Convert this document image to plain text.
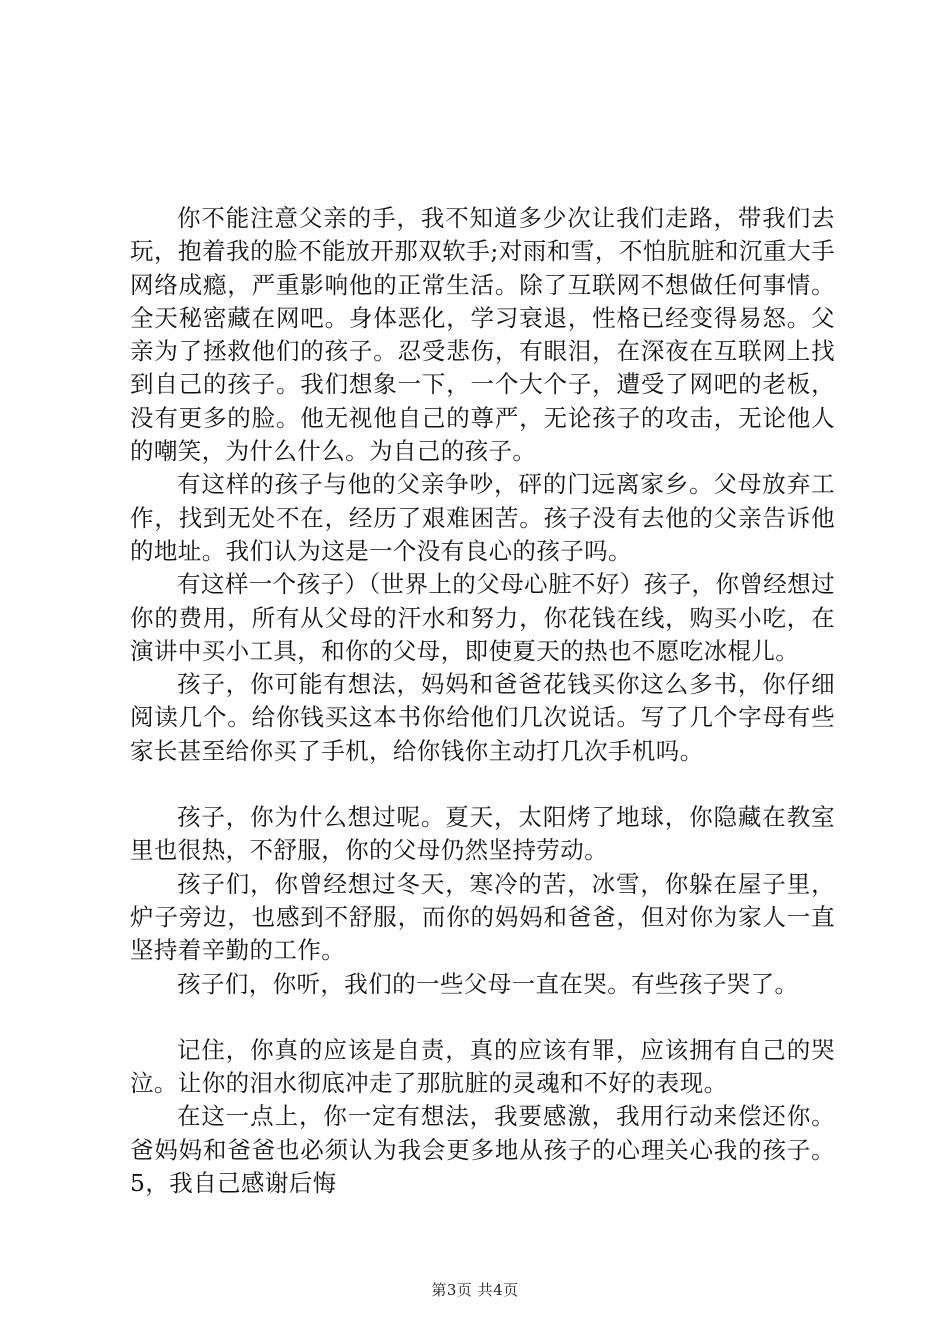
你不能注意父亲的手，我不知道多少次让我们走路，带我们去玩，抱着我的脸不能放开那双软手;对雨和雪，不怕肮脏和沉重大手网络成瘾，严重影响他的正常生活。除了互联网不想做任何事情。全天秘密藏在网吧。身体恶化，学习衰退，性格已经变得易怒。父亲为了拯救他们的孩子。忍受悲伤，有眼泪，在深夜在互联网上找到自己的孩子。我们想象一下，一个大个子，遭受了网吧的老板，没有更多的脸。他无视他自己的尊严，无论孩子的攻击，无论他人的嘲笑，为什么什么。为自己的孩子。

有这样的孩子与他的父亲争吵，砰的门远离家乡。父母放弃工作，找到无处不在，经历了艰难困苦。孩子没有去他的父亲告诉他的地址。我们认为这是一个没有良心的孩子吗。

有这样一个孩子）（世界上的父母心脏不好）孩子，你曾经想过你的费用，所有从父母的汗水和努力，你花钱在线，购买小吃，在演讲中买小工具，和你的父母，即使夏天的热也不愿吃冰棍儿。

孩子，你可能有想法，妈妈和爸爸花钱买你这么多书，你仔细阅读几个。给你钱买这本书你给他们几次说话。写了几个字母有些家长甚至给你买了手机，给你钱你主动打几次手机吗。

孩子，你为什么想过呢。夏天，太阳烤了地球，你隐藏在教室里也很热，不舒服，你的父母仍然坚持劳动。

孩子们，你曾经想过冬天，寒冷的苦，冰雪，你躲在屋子里，炉子旁边，也感到不舒服，而你的妈妈和爸爸，但对你为家人一直坚持着辛勤的工作。

孩子们，你听，我们的一些父母一直在哭。有些孩子哭了。

记住，你真的应该是自责，真的应该有罪，应该拥有自己的哭泣。让你的泪水彻底冲走了那肮脏的灵魂和不好的表现。

在这一点上，你一定有想法，我要感激，我用行动来偿还你。爸妈妈和爸爸也必须认为我会更多地从孩子的心理关心我的孩子。5，我自己感谢后悔

第3页 共4页
